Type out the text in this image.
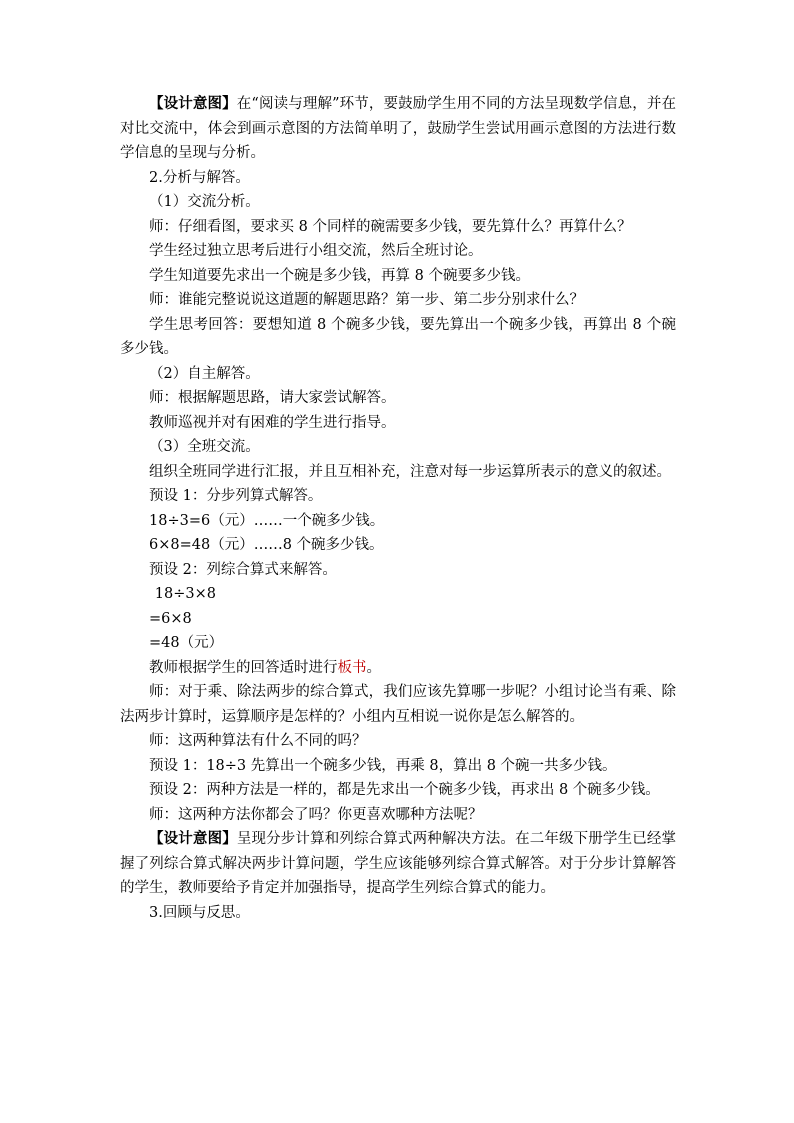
【设计意图】在“阅读与理解”环节，要鼓励学生用不同的方法呈现数学信息，并在对比交流中，体会到画示意图的方法简单明了，鼓励学生尝试用画示意图的方法进行数学信息的呈现与分析。

2.分析与解答。

（1）交流分析。

师：仔细看图，要求买 8 个同样的碗需要多少钱，要先算什么？再算什么？

学生经过独立思考后进行小组交流，然后全班讨论。

学生知道要先求出一个碗是多少钱，再算 8 个碗要多少钱。

师：谁能完整说说这道题的解题思路？第一步、第二步分别求什么？

学生思考回答：要想知道 8 个碗多少钱，要先算出一个碗多少钱，再算出 8 个碗多少钱。

（2）自主解答。

师：根据解题思路，请大家尝试解答。

教师巡视并对有困难的学生进行指导。

（3）全班交流。

组织全班同学进行汇报，并且互相补充，注意对每一步运算所表示的意义的叙述。

预设 1：分步列算式解答。

18÷3=6（元）……一个碗多少钱。

6×8=48（元）……8 个碗多少钱。

预设 2：列综合算式来解答。

18÷3×8

=6×8

=48（元）

教师根据学生的回答适时进行板书。

师：对于乘、除法两步的综合算式，我们应该先算哪一步呢？小组讨论当有乘、除法两步计算时，运算顺序是怎样的？小组内互相说一说你是怎么解答的。

师：这两种算法有什么不同的吗？

预设 1：18÷3 先算出一个碗多少钱，再乘 8，算出 8 个碗一共多少钱。

预设 2：两种方法是一样的，都是先求出一个碗多少钱，再求出 8 个碗多少钱。

师：这两种方法你都会了吗？你更喜欢哪种方法呢？

【设计意图】呈现分步计算和列综合算式两种解决方法。在二年级下册学生已经掌握了列综合算式解决两步计算问题，学生应该能够列综合算式解答。对于分步计算解答的学生，教师要给予肯定并加强指导，提高学生列综合算式的能力。

3.回顾与反思。
